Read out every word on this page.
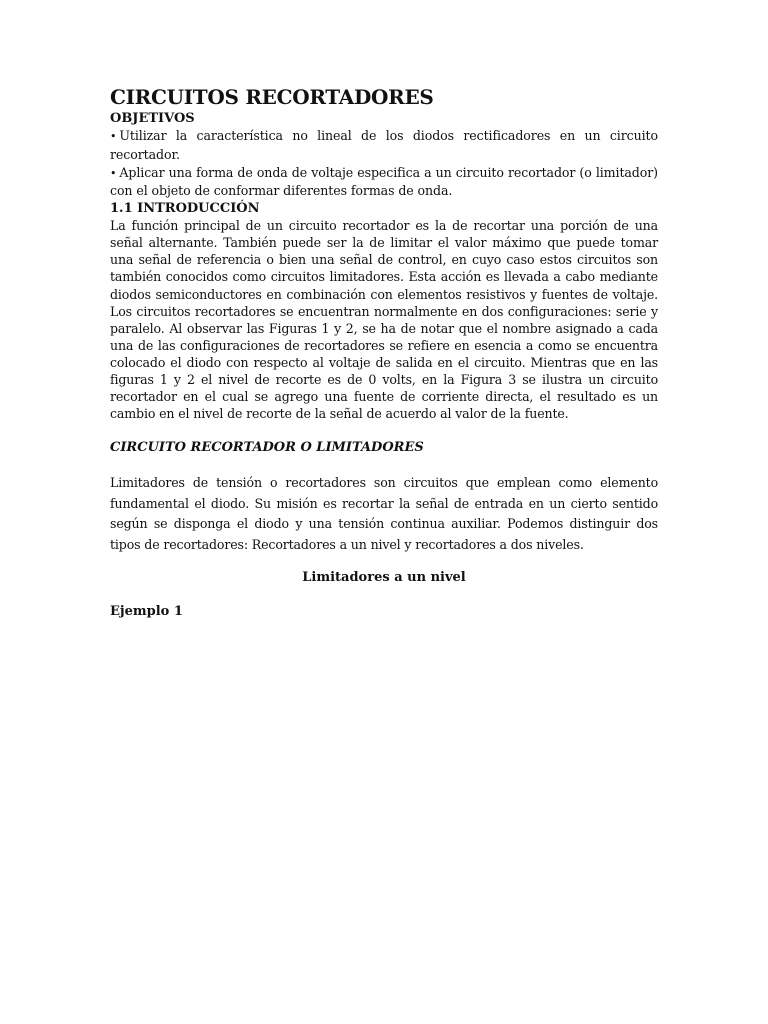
CIRCUITOS RECORTADORES
OBJETIVOS

• Utilizar la característica no lineal de los diodos rectificadores en un circuito recortador.

• Aplicar una forma de onda de voltaje especifica a un circuito recortador (o limitador) con el objeto de conformar diferentes formas de onda.

1.1 INTRODUCCIÓN

La función principal de un circuito recortador es la de recortar una porción de una señal alternante. También puede ser la de limitar el valor máximo que puede tomar una señal de referencia o bien una señal de control, en cuyo caso estos circuitos son también conocidos como circuitos limitadores. Esta acción es llevada a cabo mediante diodos semiconductores en combinación con elementos resistivos y fuentes de voltaje. Los circuitos recortadores se encuentran normalmente en dos configuraciones: serie y paralelo. Al observar las Figuras 1 y 2, se ha de notar que el nombre asignado a cada una de las configuraciones de recortadores se refiere en esencia a como se encuentra colocado el diodo con respecto al voltaje de salida en el circuito. Mientras que en las figuras 1 y 2 el nivel de recorte es de 0 volts, en la Figura 3 se ilustra un circuito recortador en el cual se agrego una fuente de corriente directa, el resultado es un cambio en el nivel de recorte de la señal de acuerdo al valor de la fuente.

CIRCUITO RECORTADOR O LIMITADORES

Limitadores de tensión o recortadores son circuitos que emplean como elemento fundamental el diodo. Su misión es recortar la señal de entrada en un cierto sentido según se disponga el diodo y una tensión continua auxiliar. Podemos distinguir dos tipos de recortadores: Recortadores a un nivel y recortadores a dos niveles.

Limitadores a un nivel
Ejemplo 1
